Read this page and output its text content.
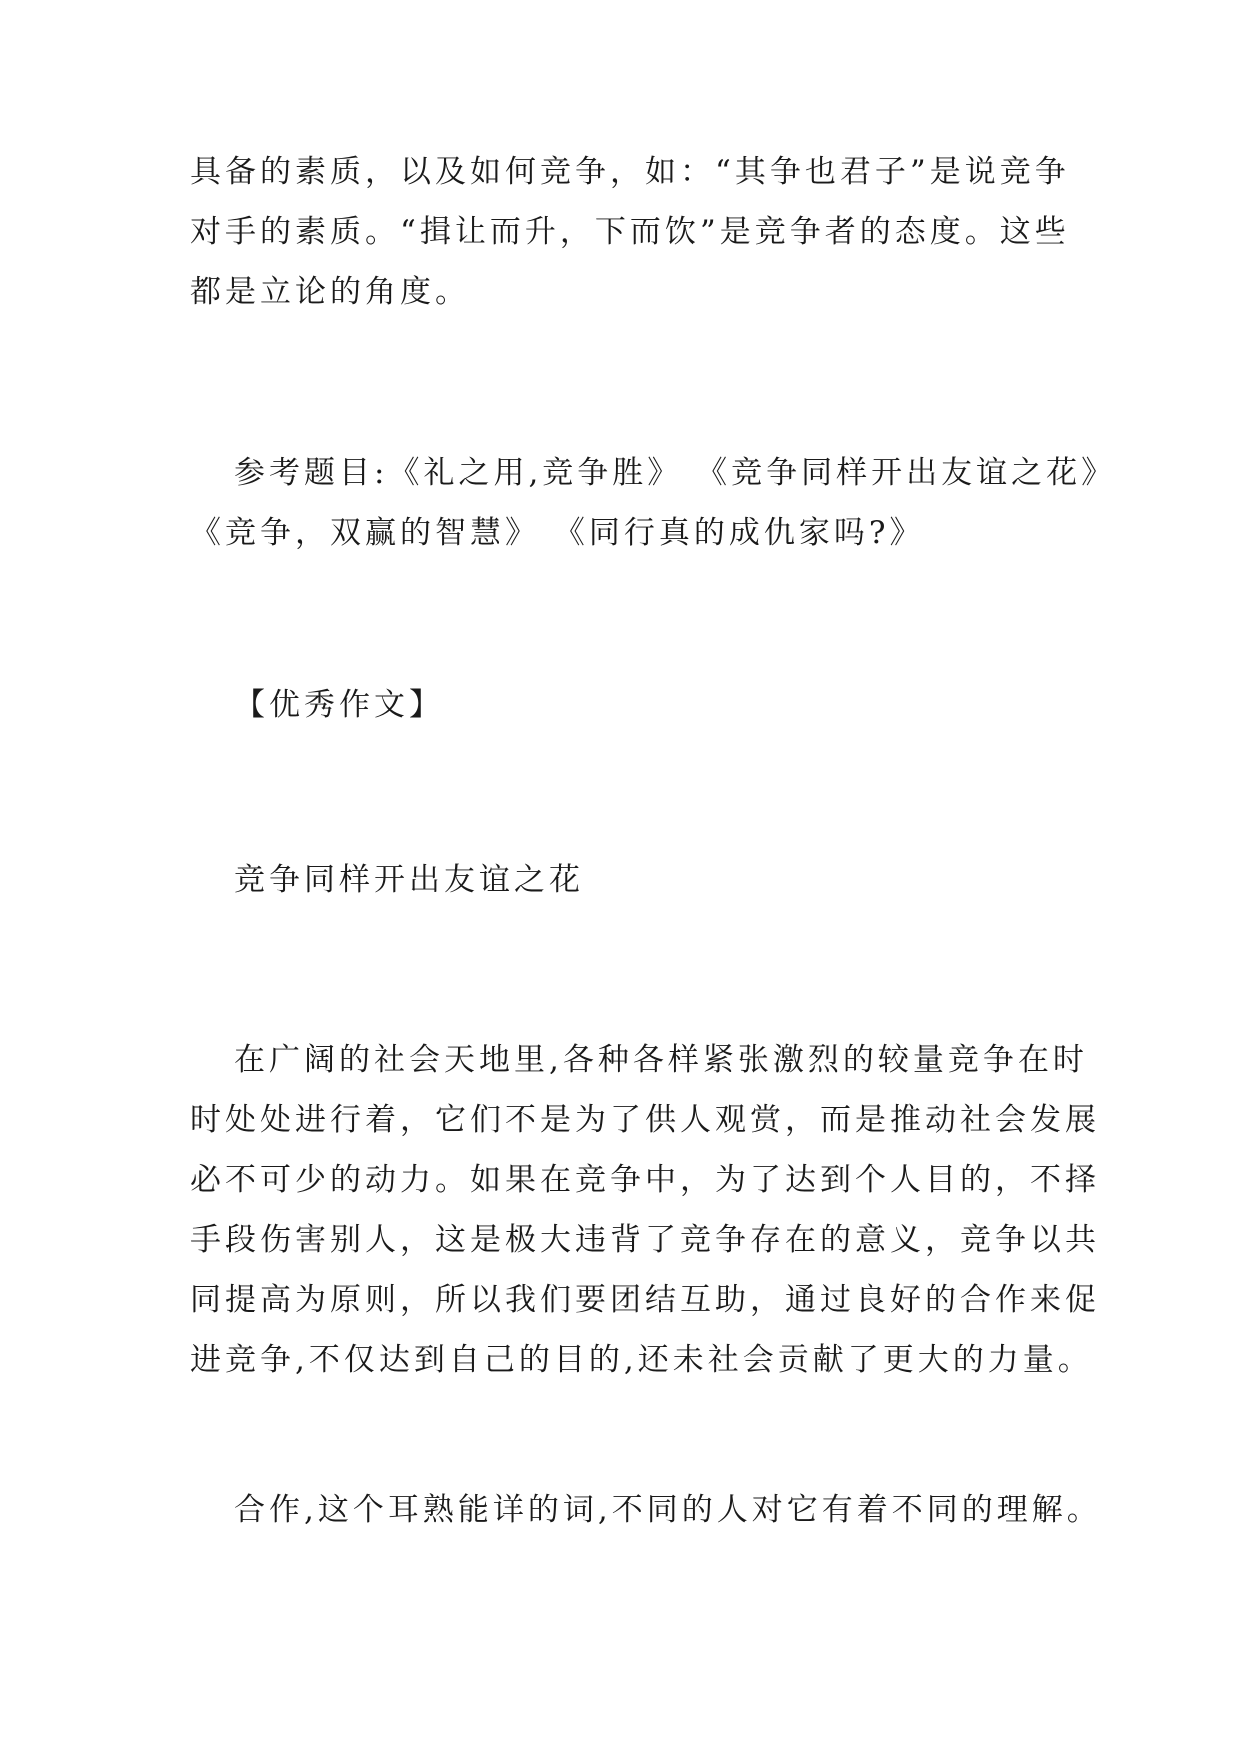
具备的素质，以及如何竞争，如：“其争也君子”是说竞争
对手的素质。“揖让而升，下而饮”是竞争者的态度。这些
都是立论的角度。
参考题目:《礼之用,竞争胜》 《竞争同样开出友谊之花》
《竞争，双赢的智慧》 《同行真的成仇家吗?》
【优秀作文】
竞争同样开出友谊之花
在广阔的社会天地里,各种各样紧张激烈的较量竞争在时
时处处进行着，它们不是为了供人观赏，而是推动社会发展
必不可少的动力。如果在竞争中，为了达到个人目的，不择
手段伤害别人，这是极大违背了竞争存在的意义，竞争以共
同提高为原则，所以我们要团结互助，通过良好的合作来促
进竞争,不仅达到自己的目的,还未社会贡献了更大的力量。
合作,这个耳熟能详的词,不同的人对它有着不同的理解。
